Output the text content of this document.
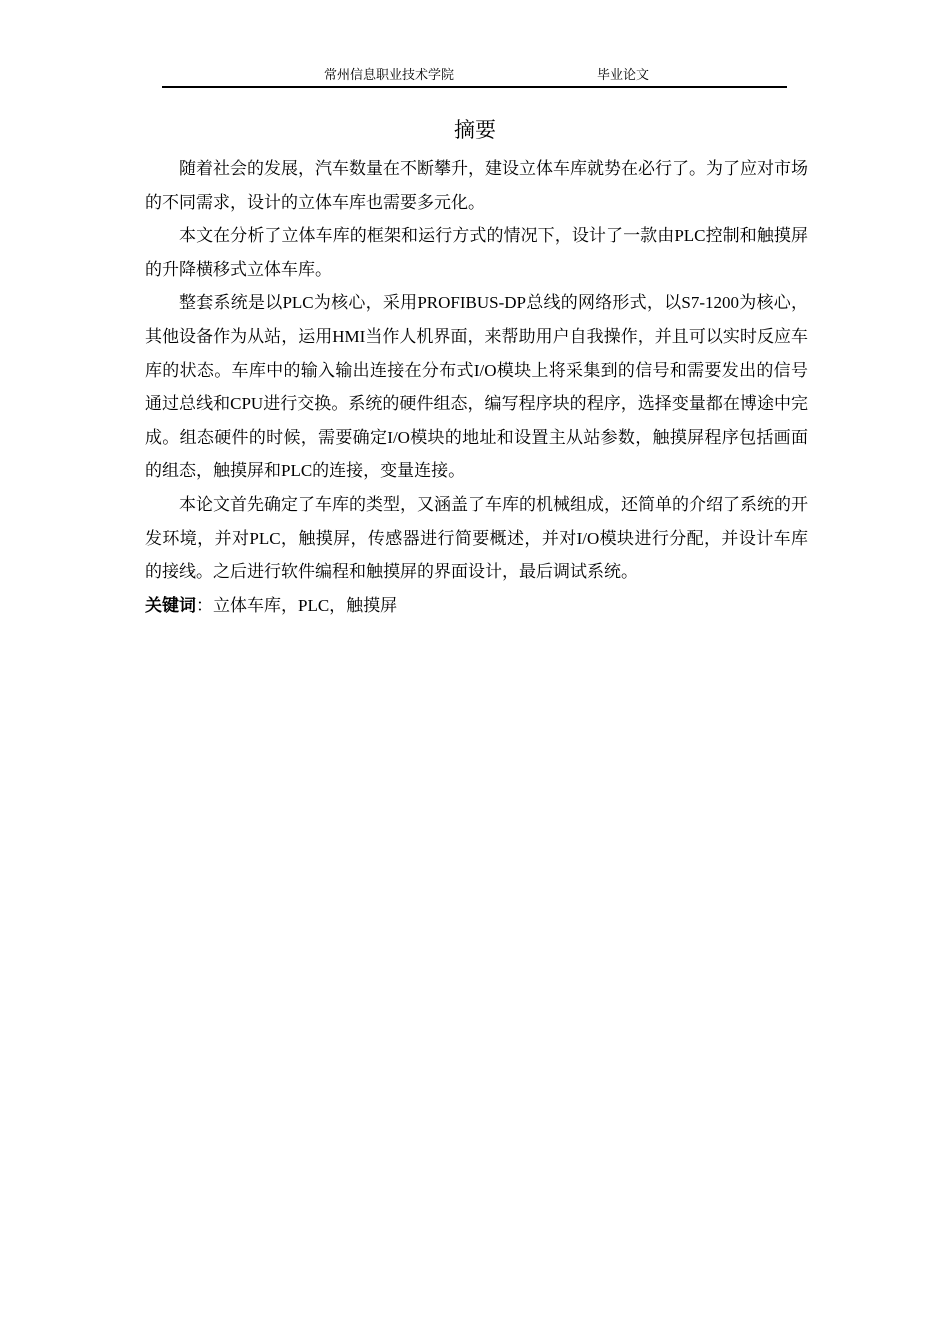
常州信息职业技术学院	毕业论文
摘要

随着社会的发展，汽车数量在不断攀升，建设立体车库就势在必行了。为了应对市场的不同需求，设计的立体车库也需要多元化。

本文在分析了立体车库的框架和运行方式的情况下，设计了一款由PLC控制和触摸屏的升降横移式立体车库。

整套系统是以PLC为核心，采用PROFIBUS-DP总线的网络形式，以S7-1200为核心，其他设备作为从站，运用HMI当作人机界面，来帮助用户自我操作，并且可以实时反应车库的状态。车库中的输入输出连接在分布式I/O模块上将采集到的信号和需要发出的信号通过总线和CPU进行交换。系统的硬件组态，编写程序块的程序，选择变量都在博途中完成。组态硬件的时候，需要确定I/O模块的地址和设置主从站参数，触摸屏程序包括画面的组态，触摸屏和PLC的连接，变量连接。

本论文首先确定了车库的类型，又涵盖了车库的机械组成，还简单的介绍了系统的开发环境，并对PLC，触摸屏，传感器进行简要概述，并对I/O模块进行分配，并设计车库的接线。之后进行软件编程和触摸屏的界面设计，最后调试系统。

关键词：立体车库，PLC，触摸屏
